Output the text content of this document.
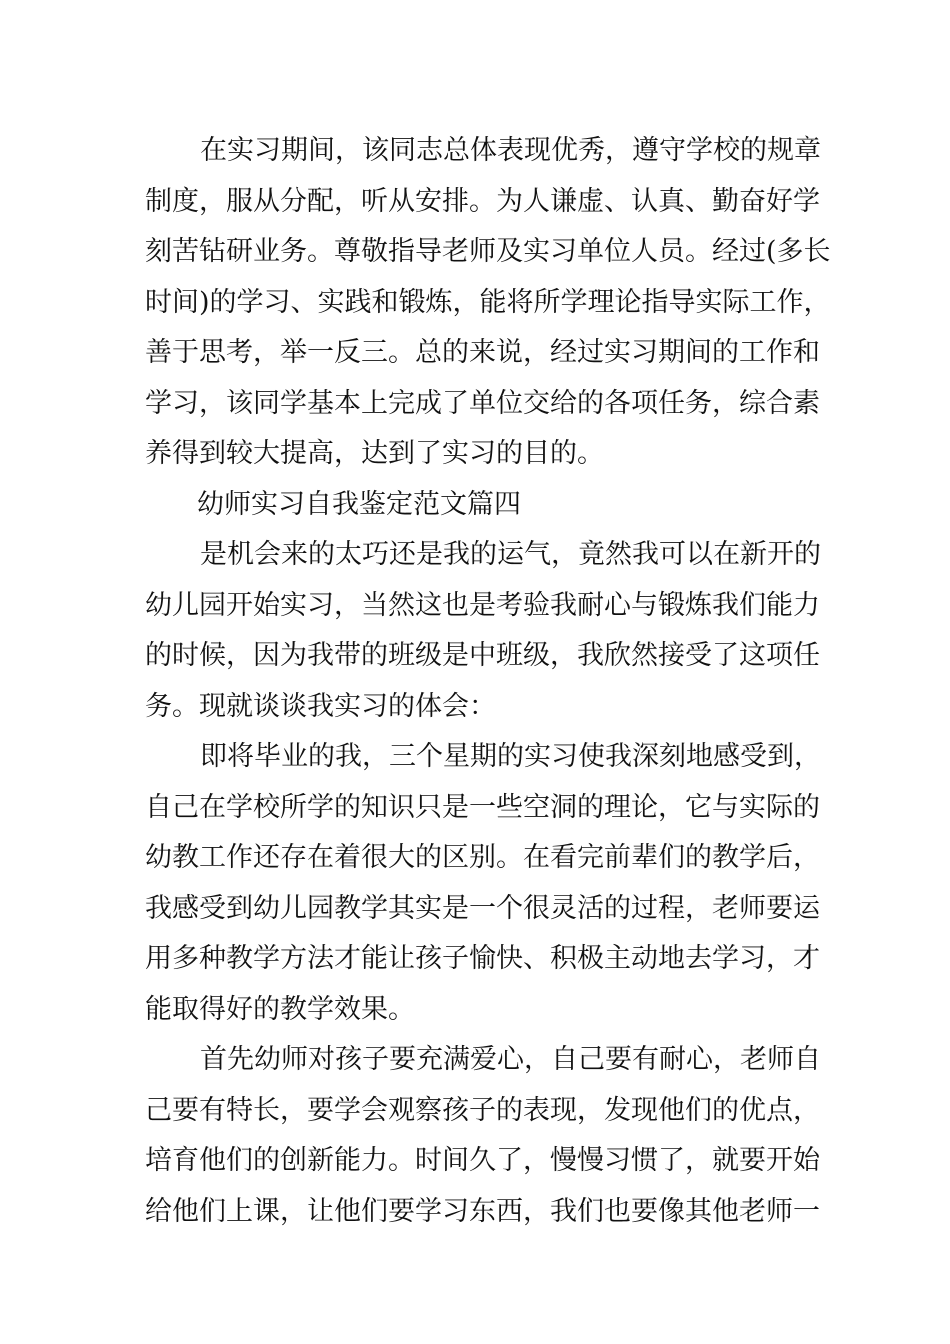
在实习期间，该同志总体表现优秀，遵守学校的规章
制度，服从分配，听从安排。为人谦虚、认真、勤奋好学
刻苦钻研业务。尊敬指导老师及实习单位人员。经过(多长
时间)的学习、实践和锻炼，能将所学理论指导实际工作，
善于思考，举一反三。总的来说，经过实习期间的工作和
学习，该同学基本上完成了单位交给的各项任务，综合素
养得到较大提高，达到了实习的目的。
幼师实习自我鉴定范文篇四
是机会来的太巧还是我的运气，竟然我可以在新开的
幼儿园开始实习，当然这也是考验我耐心与锻炼我们能力
的时候，因为我带的班级是中班级，我欣然接受了这项任
务。现就谈谈我实习的体会：
即将毕业的我，三个星期的实习使我深刻地感受到，
自己在学校所学的知识只是一些空洞的理论，它与实际的
幼教工作还存在着很大的区别。在看完前辈们的教学后，
我感受到幼儿园教学其实是一个很灵活的过程，老师要运
用多种教学方法才能让孩子愉快、积极主动地去学习，才
能取得好的教学效果。
首先幼师对孩子要充满爱心，自己要有耐心，老师自
己要有特长，要学会观察孩子的表现，发现他们的优点，
培育他们的创新能力。时间久了，慢慢习惯了，就要开始
给他们上课，让他们要学习东西，我们也要像其他老师一
